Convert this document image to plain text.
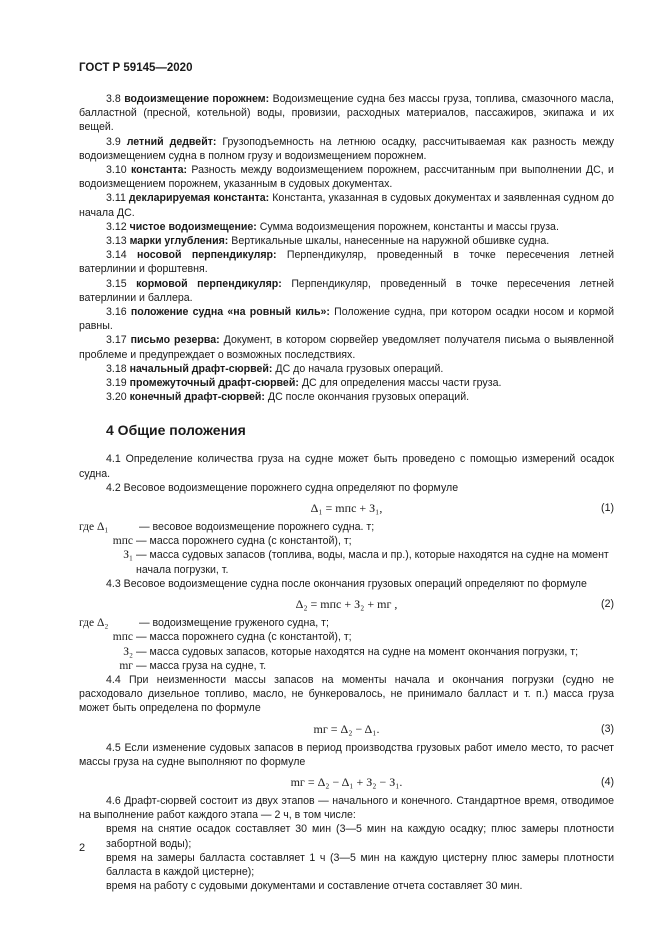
ГОСТ Р 59145—2020

3.8 водоизмещение порожнем: Водоизмещение судна без массы груза, топлива, смазочного масла, балластной (пресной, котельной) воды, провизии, расходных материалов, пассажиров, экипажа и их вещей.

3.9 летний дедвейт: Грузоподъемность на летнюю осадку, рассчитываемая как разность между водоизмещением судна в полном грузу и водоизмещением порожнем.

3.10 константа: Разность между водоизмещением порожнем, рассчитанным при выполнении ДС, и водоизмещением порожнем, указанным в судовых документах.

3.11 декларируемая константа: Константа, указанная в судовых документах и заявленная судном до начала ДС.

3.12 чистое водоизмещение: Сумма водоизмещения порожнем, константы и массы груза.

3.13 марки углубления: Вертикальные шкалы, нанесенные на наружной обшивке судна.

3.14 носовой перпендикуляр: Перпендикуляр, проведенный в точке пересечения летней ватерлинии и форштевня.

3.15 кормовой перпендикуляр: Перпендикуляр, проведенный в точке пересечения летней ватерлинии и баллера.

3.16 положение судна «на ровный киль»: Положение судна, при котором осадки носом и кормой равны.

3.17 письмо резерва: Документ, в котором сюрвейер уведомляет получателя письма о выявленной проблеме и предупреждает о возможных последствиях.

3.18 начальный драфт-сюрвей: ДС до начала грузовых операций.

3.19 промежуточный драфт-сюрвей: ДС для определения массы части груза.

3.20 конечный драфт-сюрвей: ДС после окончания грузовых операций.

4 Общие положения

4.1 Определение количества груза на судне может быть проведено с помощью измерений осадок судна.

4.2 Весовое водоизмещение порожнего судна определяют по формуле

Δ₁ = mпс + З₁,	(1)
где Δ₁	— весовое водоизмещение порожнего судна. т;
mпс — масса порожнего судна (с константой), т;
З₁ — масса судовых запасов (топлива, воды, масла и пр.), которые находятся на судне на момент начала погрузки, т.

4.3 Весовое водоизмещение судна после окончания грузовых операций определяют по формуле

Δ₂ = mпс + З₂ + mг ,	(2)
где Δ₂	— водоизмещение груженого судна, т;
mпс — масса порожнего судна (с константой), т;
З₂ — масса судовых запасов, которые находятся на судне на момент окончания погрузки, т;
mг — масса груза на судне, т.

4.4 При неизменности массы запасов на моменты начала и окончания погрузки (судно не расходовало дизельное топливо, масло, не бункеровалось, не принимало балласт и т. п.) масса груза может быть определена по формуле

mг = Δ₂ − Δ₁.	(3)

4.5 Если изменение судовых запасов в период производства грузовых работ имело место, то расчет массы груза на судне выполняют по формуле

mг = Δ₂ − Δ₁ + З₂ − З₁.	(4)

4.6 Драфт-сюрвей состоит из двух этапов — начального и конечного. Стандартное время, отводимое на выполнение работ каждого этапа — 2 ч, в том числе:

время на снятие осадок составляет 30 мин (3—5 мин на каждую осадку; плюс замеры плотности забортной воды);

время на замеры балласта составляет 1 ч (3—5 мин на каждую цистерну плюс замеры плотности балласта в каждой цистерне);

время на работу с судовыми документами и составление отчета составляет 30 мин.

2
